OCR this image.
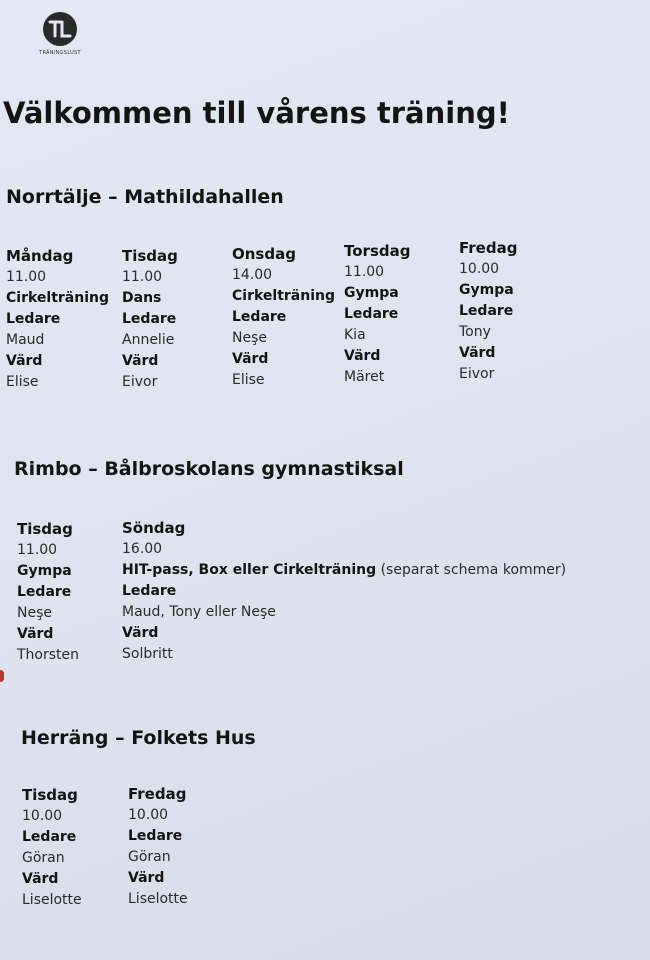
TRÄNINGSLUST
Välkommen till vårens träning!
Norrtälje – Mathildahallen
Måndag
11.00
Cirkelträning
Ledare
Maud
Värd
Elise
Tisdag
11.00
Dans
Ledare
Annelie
Värd
Eivor
Onsdag
14.00
Cirkelträning
Ledare
Neşe
Värd
Elise
Torsdag
11.00
Gympa
Ledare
Kia
Värd
Märet
Fredag
10.00
Gympa
Ledare
Tony
Värd
Eivor
Rimbo – Bålbroskolans gymnastiksal
Tisdag
11.00
Gympa
Ledare
Neşe
Värd
Thorsten
Söndag
16.00
HIT-pass, Box eller Cirkelträning (separat schema kommer)
Ledare
Maud, Tony eller Neşe
Värd
Solbritt
Herräng – Folkets Hus
Tisdag
10.00
Ledare
Göran
Värd
Liselotte
Fredag
10.00
Ledare
Göran
Värd
Liselotte
